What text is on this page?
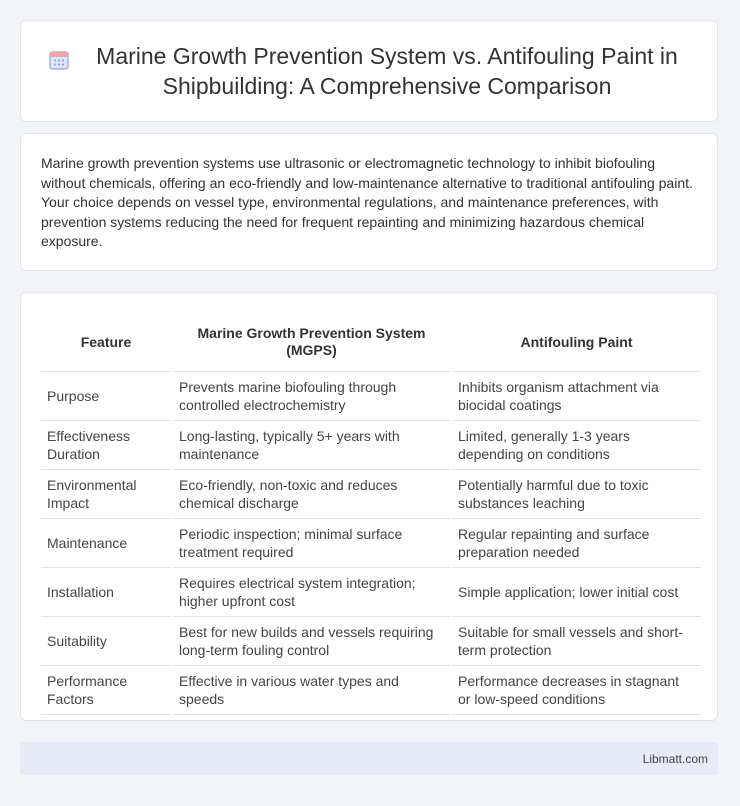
Marine Growth Prevention System vs. Antifouling Paint in Shipbuilding: A Comprehensive Comparison

Marine growth prevention systems use ultrasonic or electromagnetic technology to inhibit biofouling without chemicals, offering an eco-friendly and low-maintenance alternative to traditional antifouling paint. Your choice depends on vessel type, environmental regulations, and maintenance preferences, with prevention systems reducing the need for frequent repainting and minimizing hazardous chemical exposure.

Feature	Marine Growth Prevention System (MGPS)	Antifouling Paint
Purpose	Prevents marine biofouling through controlled electrochemistry	Inhibits organism attachment via biocidal coatings
Effectiveness Duration	Long-lasting, typically 5+ years with maintenance	Limited, generally 1-3 years depending on conditions
Environmental Impact	Eco-friendly, non-toxic and reduces chemical discharge	Potentially harmful due to toxic substances leaching
Maintenance	Periodic inspection; minimal surface treatment required	Regular repainting and surface preparation needed
Installation	Requires electrical system integration; higher upfront cost	Simple application; lower initial cost
Suitability	Best for new builds and vessels requiring long-term fouling control	Suitable for small vessels and short-term protection
Performance Factors	Effective in various water types and speeds	Performance decreases in stagnant or low-speed conditions
Libmatt.com
